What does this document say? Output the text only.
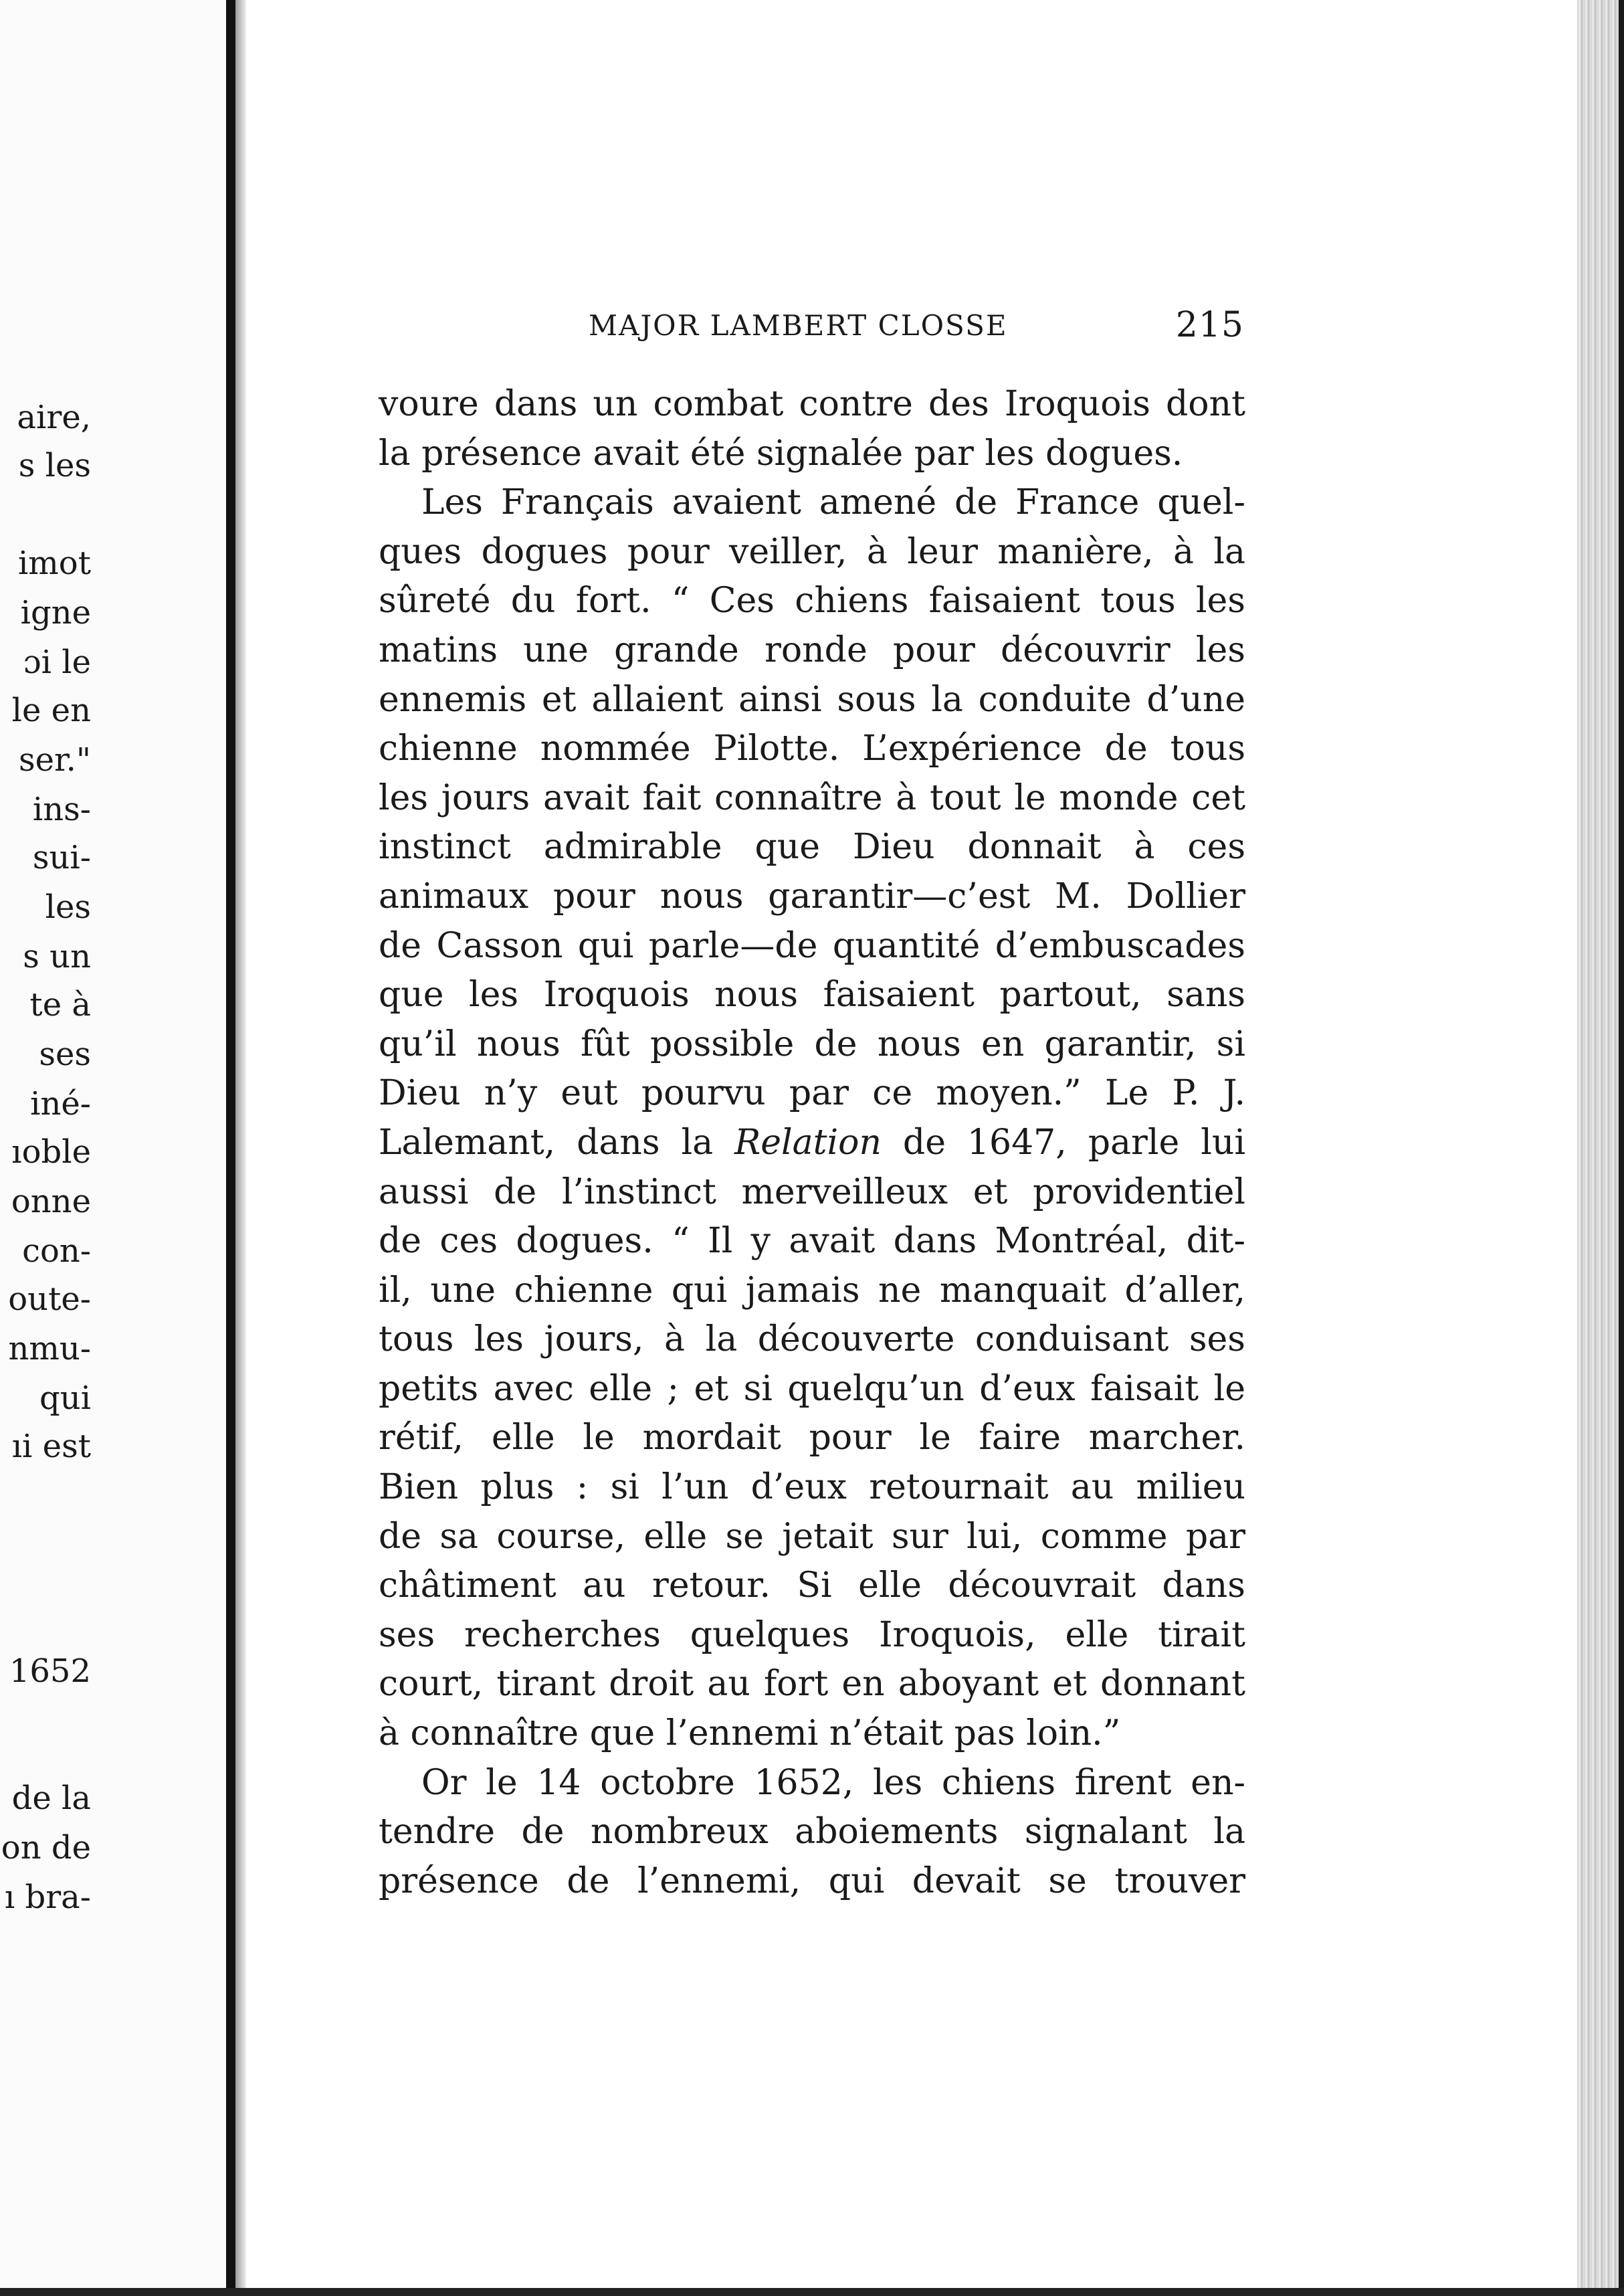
aire,
s les
imot
igne
ɔi le
le en
ser."
ins-
sui-
les
s un
te à
ses
iné-
ıoble
onne
con-
oute-
nmu-
qui
ıi est
1652
de la
on de
ı bra-
MAJOR LAMBERT CLOSSE	215
voure dans un combat contre des Iroquois dont
la présence avait été signalée par les dogues.
Les Français avaient amené de France quel-
ques dogues pour veiller, à leur manière, à la
sûreté du fort. “ Ces chiens faisaient tous les
matins une grande ronde pour découvrir les
ennemis et allaient ainsi sous la conduite d’une
chienne nommée Pilotte. L’expérience de tous
les jours avait fait connaître à tout le monde cet
instinct admirable que Dieu donnait à ces
animaux pour nous garantir—c’est M. Dollier
de Casson qui parle—de quantité d’embuscades
que les Iroquois nous faisaient partout, sans
qu’il nous fût possible de nous en garantir, si
Dieu n’y eut pourvu par ce moyen.” Le P. J.
Lalemant, dans la Relation de 1647, parle lui
aussi de l’instinct merveilleux et providentiel
de ces dogues. “ Il y avait dans Montréal, dit-
il, une chienne qui jamais ne manquait d’aller,
tous les jours, à la découverte conduisant ses
petits avec elle ; et si quelqu’un d’eux faisait le
rétif, elle le mordait pour le faire marcher.
Bien plus : si l’un d’eux retournait au milieu
de sa course, elle se jetait sur lui, comme par
châtiment au retour. Si elle découvrait dans
ses recherches quelques Iroquois, elle tirait
court, tirant droit au fort en aboyant et donnant
à connaître que l’ennemi n’était pas loin.”
Or le 14 octobre 1652, les chiens firent en-
tendre de nombreux aboiements signalant la
présence de l’ennemi, qui devait se trouver
